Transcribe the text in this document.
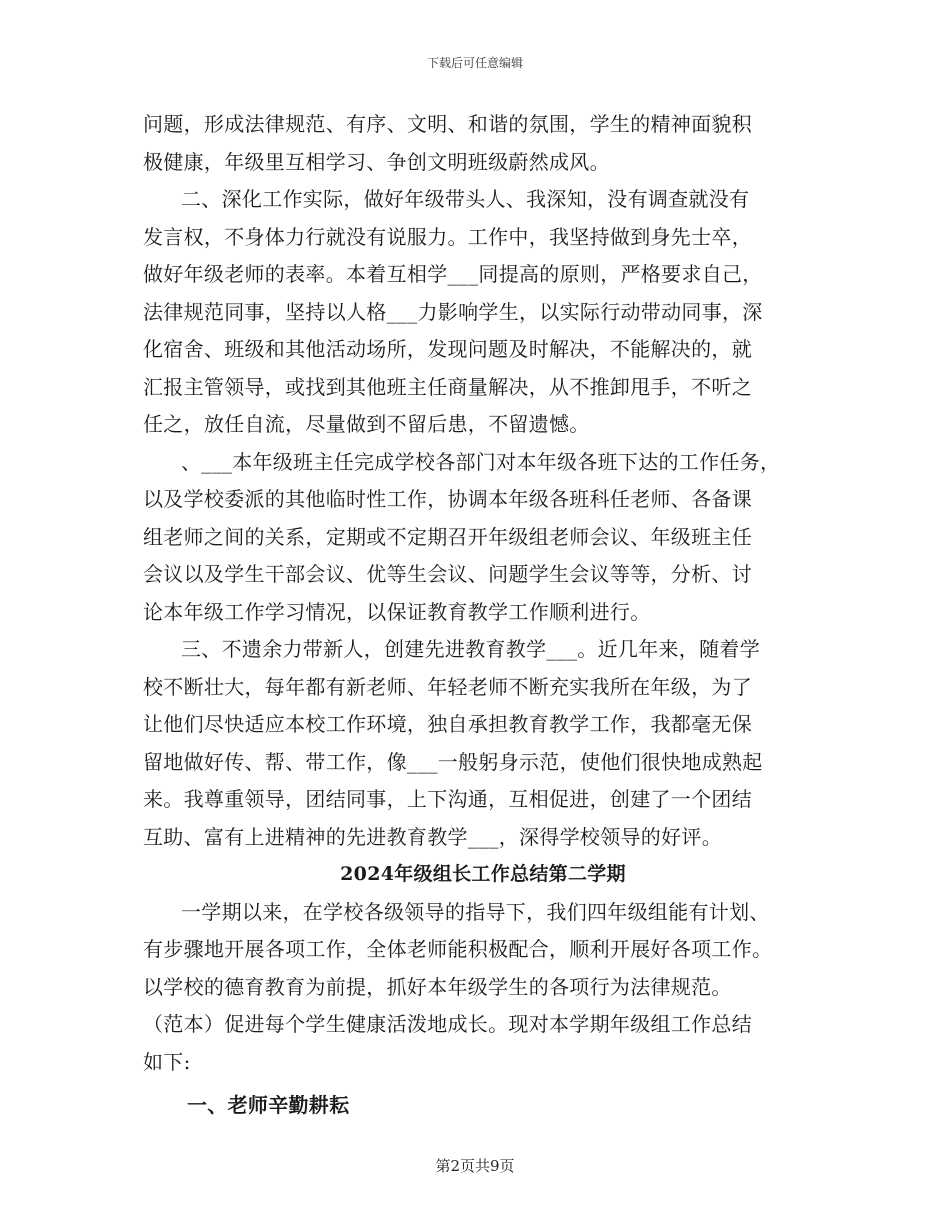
下载后可任意编辑
问题，形成法律规范、有序、文明、和谐的氛围，学生的精神面貌积
极健康，年级里互相学习、争创文明班级蔚然成风。
二、深化工作实际，做好年级带头人、我深知，没有调查就没有
发言权，不身体力行就没有说服力。工作中，我坚持做到身先士卒，
做好年级老师的表率。本着互相学___同提高的原则，严格要求自己，
法律规范同事，坚持以人格___力影响学生，以实际行动带动同事，深
化宿舍、班级和其他活动场所，发现问题及时解决，不能解决的，就
汇报主管领导，或找到其他班主任商量解决，从不推卸甩手，不听之
任之，放任自流，尽量做到不留后患，不留遗憾。
、___本年级班主任完成学校各部门对本年级各班下达的工作任务，
以及学校委派的其他临时性工作，协调本年级各班科任老师、各备课
组老师之间的关系，定期或不定期召开年级组老师会议、年级班主任
会议以及学生干部会议、优等生会议、问题学生会议等等，分析、讨
论本年级工作学习情况，以保证教育教学工作顺利进行。
三、不遗余力带新人，创建先进教育教学___。近几年来，随着学
校不断壮大，每年都有新老师、年轻老师不断充实我所在年级，为了
让他们尽快适应本校工作环境，独自承担教育教学工作，我都毫无保
留地做好传、帮、带工作，像___一般躬身示范，使他们很快地成熟起
来。我尊重领导，团结同事，上下沟通，互相促进，创建了一个团结
互助、富有上进精神的先进教育教学___，深得学校领导的好评。
2024年级组长工作总结第二学期
一学期以来，在学校各级领导的指导下，我们四年级组能有计划、
有步骤地开展各项工作，全体老师能积极配合，顺利开展好各项工作。
以学校的德育教育为前提，抓好本年级学生的各项行为法律规范。
（范本）促进每个学生健康活泼地成长。现对本学期年级组工作总结
如下:
一、老师辛勤耕耘
第2页共9页
